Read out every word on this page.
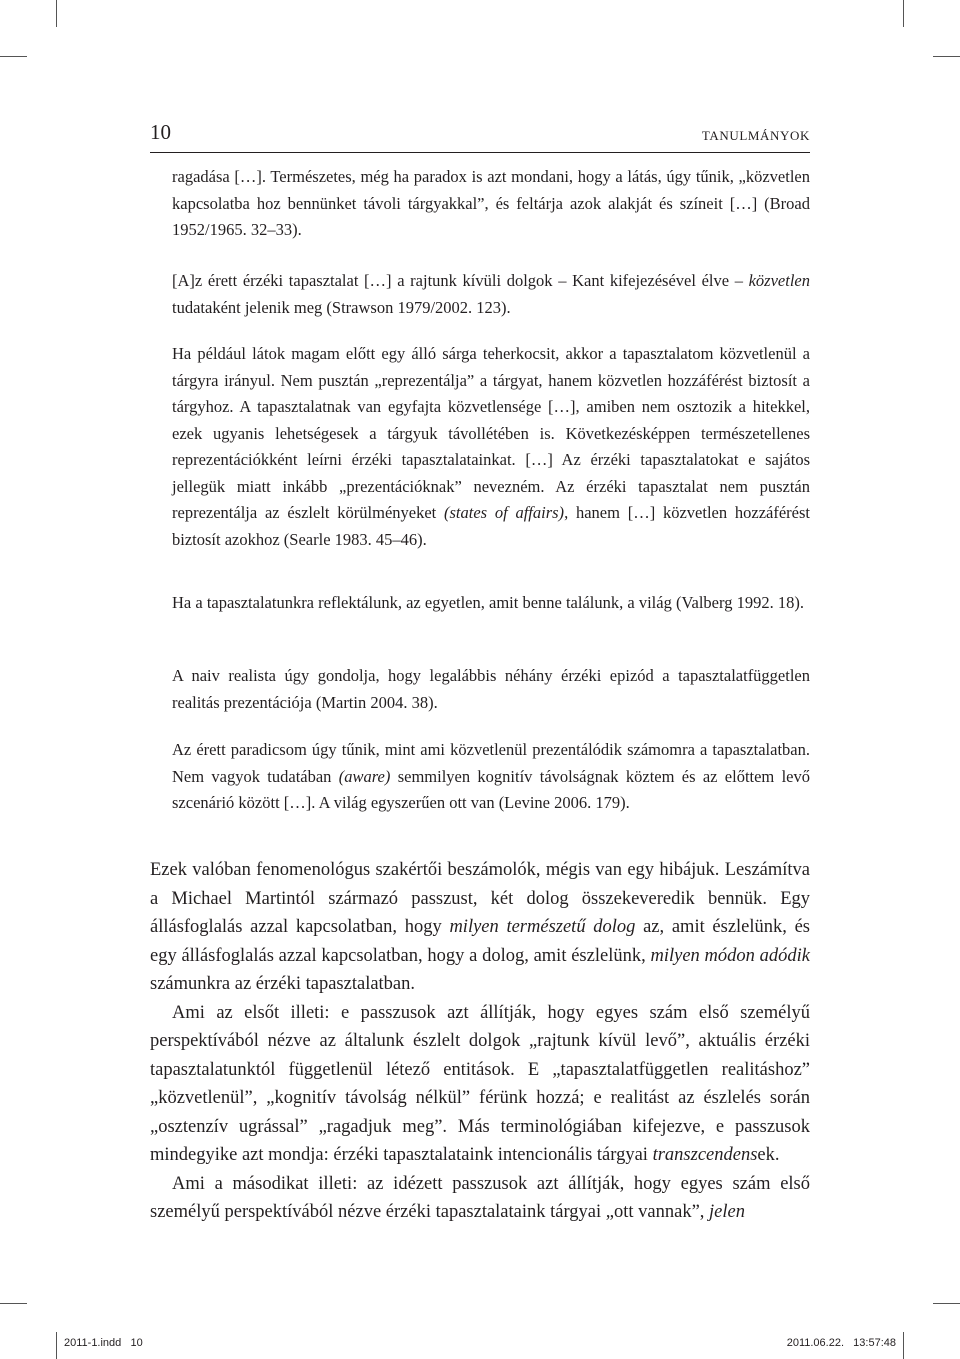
10	TANULMÁNYOK

ragadása […]. Természetes, még ha paradox is azt mondani, hogy a látás, úgy tűnik, „közvetlen kapcsolatba hoz bennünket távoli tárgyakkal”, és feltárja azok alakját és színeit […] (Broad 1952/1965. 32–33).

[A]z érett érzéki tapasztalat […] a rajtunk kívüli dolgok – Kant kifejezésével élve – közvetlen tudataként jelenik meg (Strawson 1979/2002. 123).

Ha például látok magam előtt egy álló sárga teherkocsit, akkor a tapasztalatom közvetlenül a tárgyra irányul. Nem pusztán „reprezentálja” a tárgyat, hanem közvetlen hozzáférést biztosít a tárgyhoz. A tapasztalatnak van egyfajta közvetlensége […], amiben nem osztozik a hitekkel, ezek ugyanis lehetségesek a tárgyuk távollétében is. Következésképpen természetellenes reprezentációkként leírni érzéki tapasztalatainkat. […] Az érzéki tapasztalatokat e sajátos jellegük miatt inkább „prezentációknak” nevezném. Az érzéki tapasztalat nem pusztán reprezentálja az észlelt körülményeket (states of affairs), hanem […] közvetlen hozzáférést biztosít azokhoz (Searle 1983. 45–46).

Ha a tapasztalatunkra reflektálunk, az egyetlen, amit benne találunk, a világ (Valberg 1992. 18).

A naiv realista úgy gondolja, hogy legalábbis néhány érzéki epizód a tapasztalatfüggetlen realitás prezentációja (Martin 2004. 38).

Az érett paradicsom úgy tűnik, mint ami közvetlenül prezentálódik számomra a tapasztalatban. Nem vagyok tudatában (aware) semmilyen kognitív távolságnak köztem és az előttem levő szcenárió között […]. A világ egyszerűen ott van (Levine 2006. 179).

Ezek valóban fenomenológus szakértői beszámolók, mégis van egy hibájuk. Leszámítva a Michael Martintól származó passzust, két dolog összekeveredik bennük. Egy állásfoglalás azzal kapcsolatban, hogy milyen természetű dolog az, amit észlelünk, és egy állásfoglalás azzal kapcsolatban, hogy a dolog, amit észlelünk, milyen módon adódik számunkra az érzéki tapasztalatban.

Ami az elsőt illeti: e passzusok azt állítják, hogy egyes szám első személyű perspektívából nézve az általunk észlelt dolgok „rajtunk kívül levő”, aktuális érzéki tapasztalatunktól függetlenül létező entitások. E „tapasztalatfüggetlen realitáshoz” „közvetlenül”, „kognitív távolság nélkül” férünk hozzá; e realitást az észlelés során „osztenzív ugrással” „ragadjuk meg”. Más terminológiában kifejezve, e passzusok mindegyike azt mondja: érzéki tapasztalataink intencionális tárgyai transzcendensek.

Ami a másodikat illeti: az idézett passzusok azt állítják, hogy egyes szám első személyű perspektívából nézve érzéki tapasztalataink tárgyai „ott vannak”, jelen

2011-1.indd   10	2011.06.22.   13:57:48
